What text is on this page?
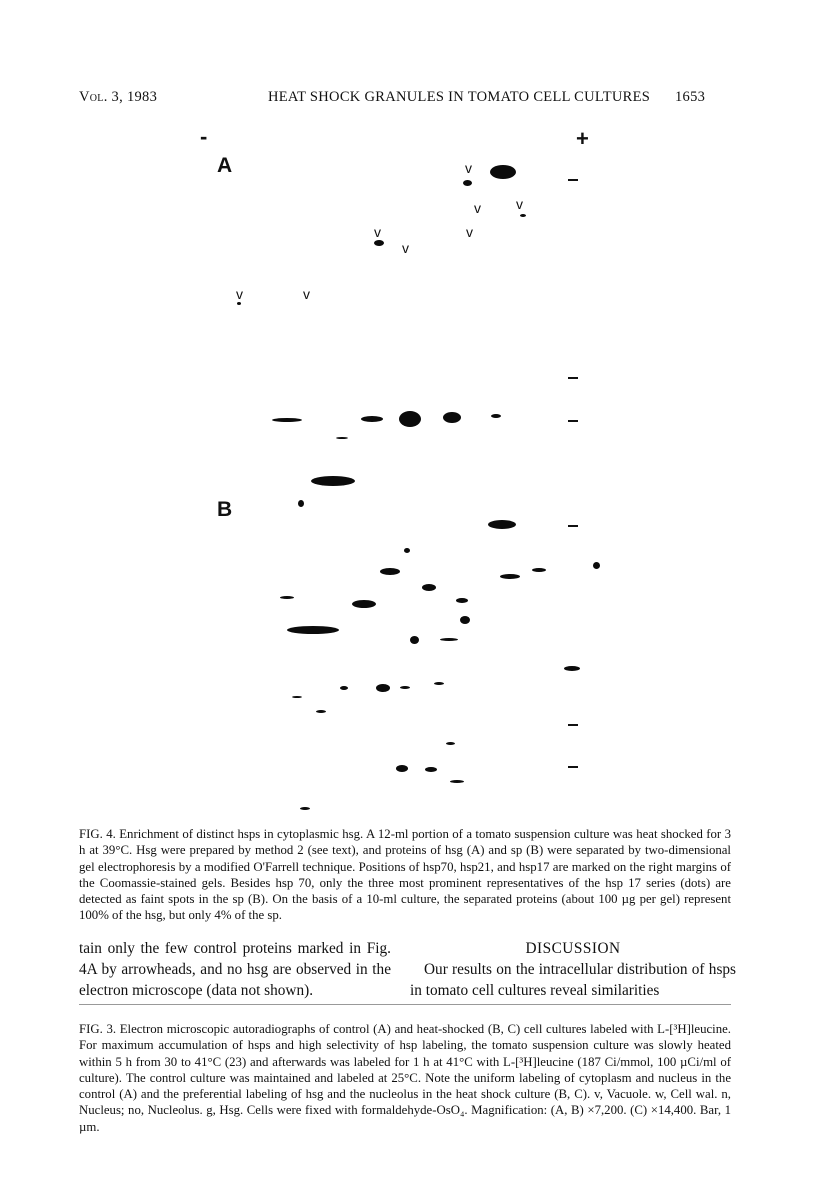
Vol. 3, 1983	HEAT SHOCK GRANULES IN TOMATO CELL CULTURES 1653
-	+
A
B
v
v	v
v
v
v
v	v
FIG. 4. Enrichment of distinct hsps in cytoplasmic hsg. A 12-ml portion of a tomato suspension culture was heat shocked for 3 h at 39°C. Hsg were prepared by method 2 (see text), and proteins of hsg (A) and sp (B) were separated by two-dimensional gel electrophoresis by a modified O'Farrell technique. Positions of hsp70, hsp21, and hsp17 are marked on the right margins of the Coomassie-stained gels. Besides hsp 70, only the three most prominent representatives of the hsp 17 series (dots) are detected as faint spots in the sp (B). On the basis of a 10-ml culture, the separated proteins (about 100 µg per gel) represent 100% of the hsg, but only 4% of the sp.
tain only the few control proteins marked in Fig. 4A by arrowheads, and no hsg are observed in the electron microscope (data not shown).
DISCUSSION
Our results on the intracellular distribution of hsps in tomato cell cultures reveal similarities
FIG. 3. Electron microscopic autoradiographs of control (A) and heat-shocked (B, C) cell cultures labeled with L-[³H]leucine. For maximum accumulation of hsps and high selectivity of hsp labeling, the tomato suspension culture was slowly heated within 5 h from 30 to 41°C (23) and afterwards was labeled for 1 h at 41°C with L-[³H]leucine (187 Ci/mmol, 100 µCi/ml of culture). The control culture was maintained and labeled at 25°C. Note the uniform labeling of cytoplasm and nucleus in the control (A) and the preferential labeling of hsg and the nucleolus in the heat shock culture (B, C). v, Vacuole. w, Cell wal. n, Nucleus; no, Nucleolus. g, Hsg. Cells were fixed with formaldehyde-OsO₄. Magnification: (A, B) ×7,200. (C) ×14,400. Bar, 1 µm.
